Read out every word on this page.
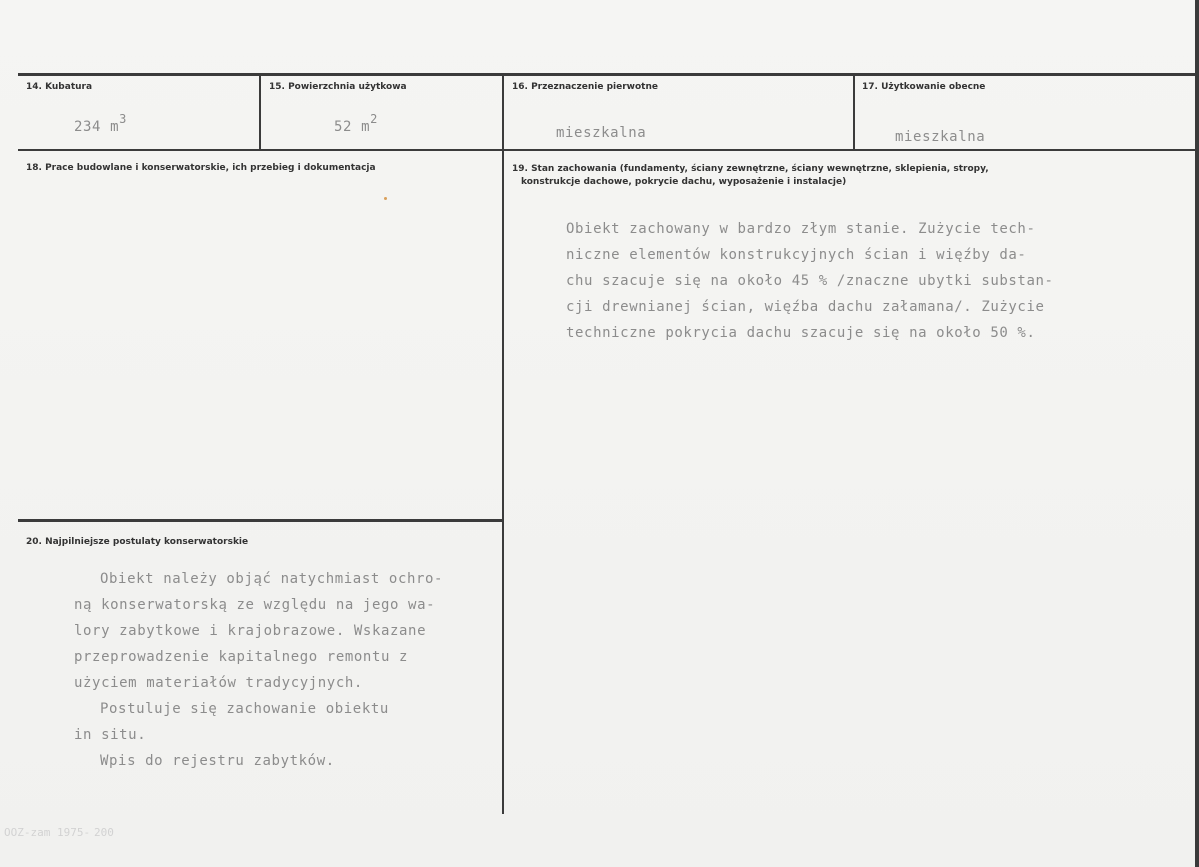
14. Kubatura
234 m3
15. Powierzchnia użytkowa
52 m2
16. Przeznaczenie pierwotne
mieszkalna
17. Użytkowanie obecne
mieszkalna
18. Prace budowlane i konserwatorskie, ich przebieg i dokumentacja	19. Stan zachowania (fundamenty, ściany zewnętrzne, ściany wewnętrzne, sklepienia, stropy,
konstrukcje dachowe, pokrycie dachu, wyposażenie i instalacje)
Obiekt zachowany w bardzo złym stanie. Zużycie tech-
niczne elementów konstrukcyjnych ścian i więźby da-
chu szacuje się na około 45 % /znaczne ubytki substan-
cji drewnianej ścian, więźba dachu załamana/. Zużycie
techniczne pokrycia dachu szacuje się na około 50 %.
20. Najpilniejsze postulaty konserwatorskie
Obiekt należy objąć natychmiast ochro-
ną konserwatorską ze względu na jego wa-
lory zabytkowe i krajobrazowe. Wskazane
przeprowadzenie kapitalnego remontu z
użyciem materiałów tradycyjnych.
Postuluje się zachowanie obiektu
in situ.
Wpis do rejestru zabytków.
OOZ-zam 1975- 200
